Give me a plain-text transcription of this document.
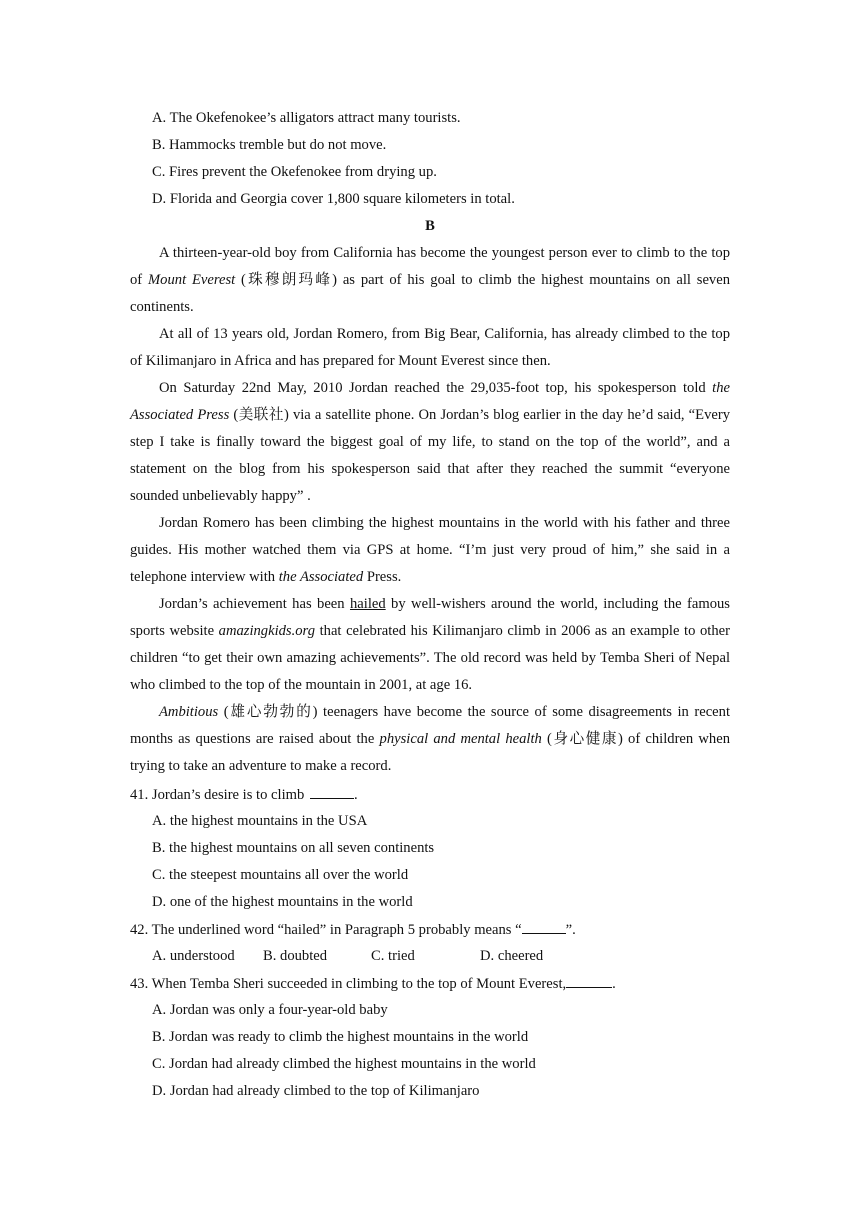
A. The Okefenokee’s alligators attract many tourists.
B. Hammocks tremble but do not move.
C. Fires prevent the Okefenokee from drying up.
D. Florida and Georgia cover 1,800 square kilometers in total.
B
A thirteen-year-old boy from California has become the youngest person ever to climb to the top of Mount Everest (珠穆朗玛峰) as part of his goal to climb the highest mountains on all seven continents.
At all of 13 years old, Jordan Romero, from Big Bear, California, has already climbed to the top of Kilimanjaro in Africa and has prepared for Mount Everest since then.
On Saturday 22nd May, 2010 Jordan reached the 29,035-foot top, his spokesperson told the Associated Press (美联社) via a satellite phone. On Jordan’s blog earlier in the day he’d said, “Every step I take is finally toward the biggest goal of my life, to stand on the top of the world”, and a statement on the blog from his spokesperson said that after they reached the summit “everyone sounded unbelievably happy” .
Jordan Romero has been climbing the highest mountains in the world with his father and three guides. His mother watched them via GPS at home. “I’m just very proud of him,” she said in a telephone interview with the Associated Press.
Jordan’s achievement has been hailed by well-wishers around the world, including the famous sports website amazingkids.org that celebrated his Kilimanjaro climb in 2006 as an example to other children “to get their own amazing achievements”. The old record was held by Temba Sheri of Nepal who climbed to the top of the mountain in 2001, at age 16.
Ambitious (雄心勃勃的) teenagers have become the source of some disagreements in recent months as questions are raised about the physical and mental health (身心健康) of children when trying to take an adventure to make a record.
41. Jordan’s desire is to climb	.
A. the highest mountains in the USA
B. the highest mountains on all seven continents
C. the steepest mountains all over the world
D. one of the highest mountains in the world
42. The underlined word “hailed” in Paragraph 5 probably means “	”.
A. understood B. doubted	C. tried	D. cheered
43. When Temba Sheri succeeded in climbing to the top of Mount Everest,	.
A. Jordan was only a four-year-old baby
B. Jordan was ready to climb the highest mountains in the world
C. Jordan had already climbed the highest mountains in the world
D. Jordan had already climbed to the top of Kilimanjaro
